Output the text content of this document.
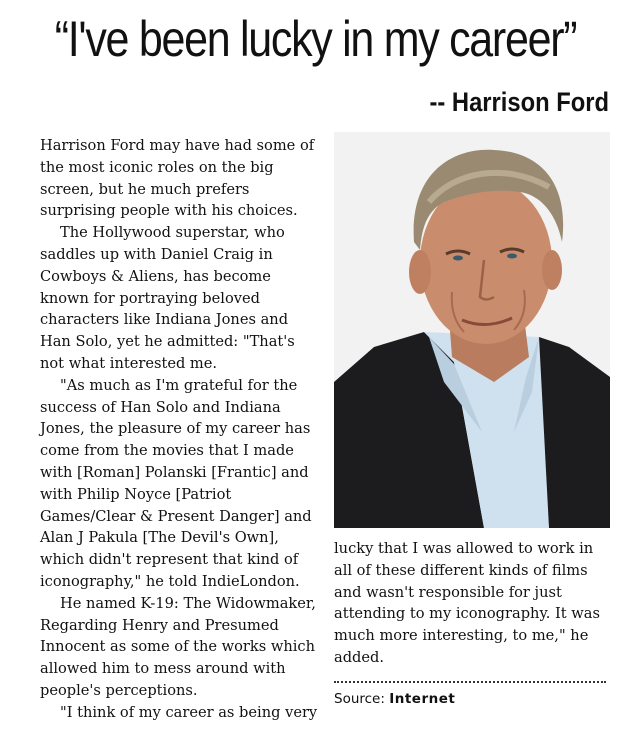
“I've been lucky in my career”
-- Harrison Ford

Harrison Ford may have had some of the most iconic roles on the big screen, but he much prefers surprising people with his choices.

The Hollywood superstar, who saddles up with Daniel Craig in Cowboys & Aliens, has become known for portraying beloved characters like Indiana Jones and Han Solo, yet he admitted: "That's not what interested me.

"As much as I'm grateful for the success of Han Solo and Indiana Jones, the pleasure of my career has come from the movies that I made with [Roman] Polanski [Frantic] and with Philip Noyce [Patriot Games/Clear & Present Danger] and Alan J Pakula [The Devil's Own], which didn't represent that kind of iconography," he told IndieLondon.

He named K-19: The Widowmaker, Regarding Henry and Presumed Innocent as some of the works which allowed him to mess around with people's perceptions.

"I think of my career as being very

lucky that I was allowed to work in all of these different kinds of films and wasn't responsible for just attending to my iconography. It was much more interesting, to me," he added.

Source: Internet
